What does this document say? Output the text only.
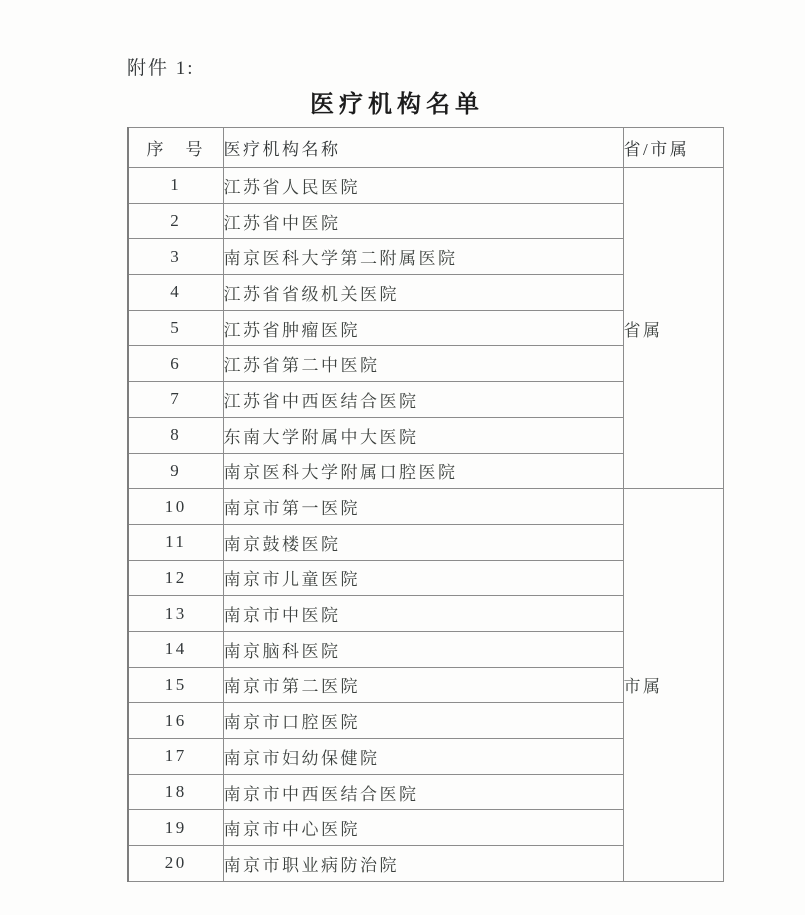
附件 1:
医疗机构名单
序　号	医疗机构名称	省/市属
1	江苏省人民医院	省属
2	江苏省中医院	
3	南京医科大学第二附属医院	
4	江苏省省级机关医院	
5	江苏省肿瘤医院	
6	江苏省第二中医院	
7	江苏省中西医结合医院	
8	东南大学附属中大医院	
9	南京医科大学附属口腔医院	
10	南京市第一医院	市属
11	南京鼓楼医院	
12	南京市儿童医院	
13	南京市中医院	
14	南京脑科医院	
15	南京市第二医院	
16	南京市口腔医院	
17	南京市妇幼保健院	
18	南京市中西医结合医院	
19	南京市中心医院	
20	南京市职业病防治院	
